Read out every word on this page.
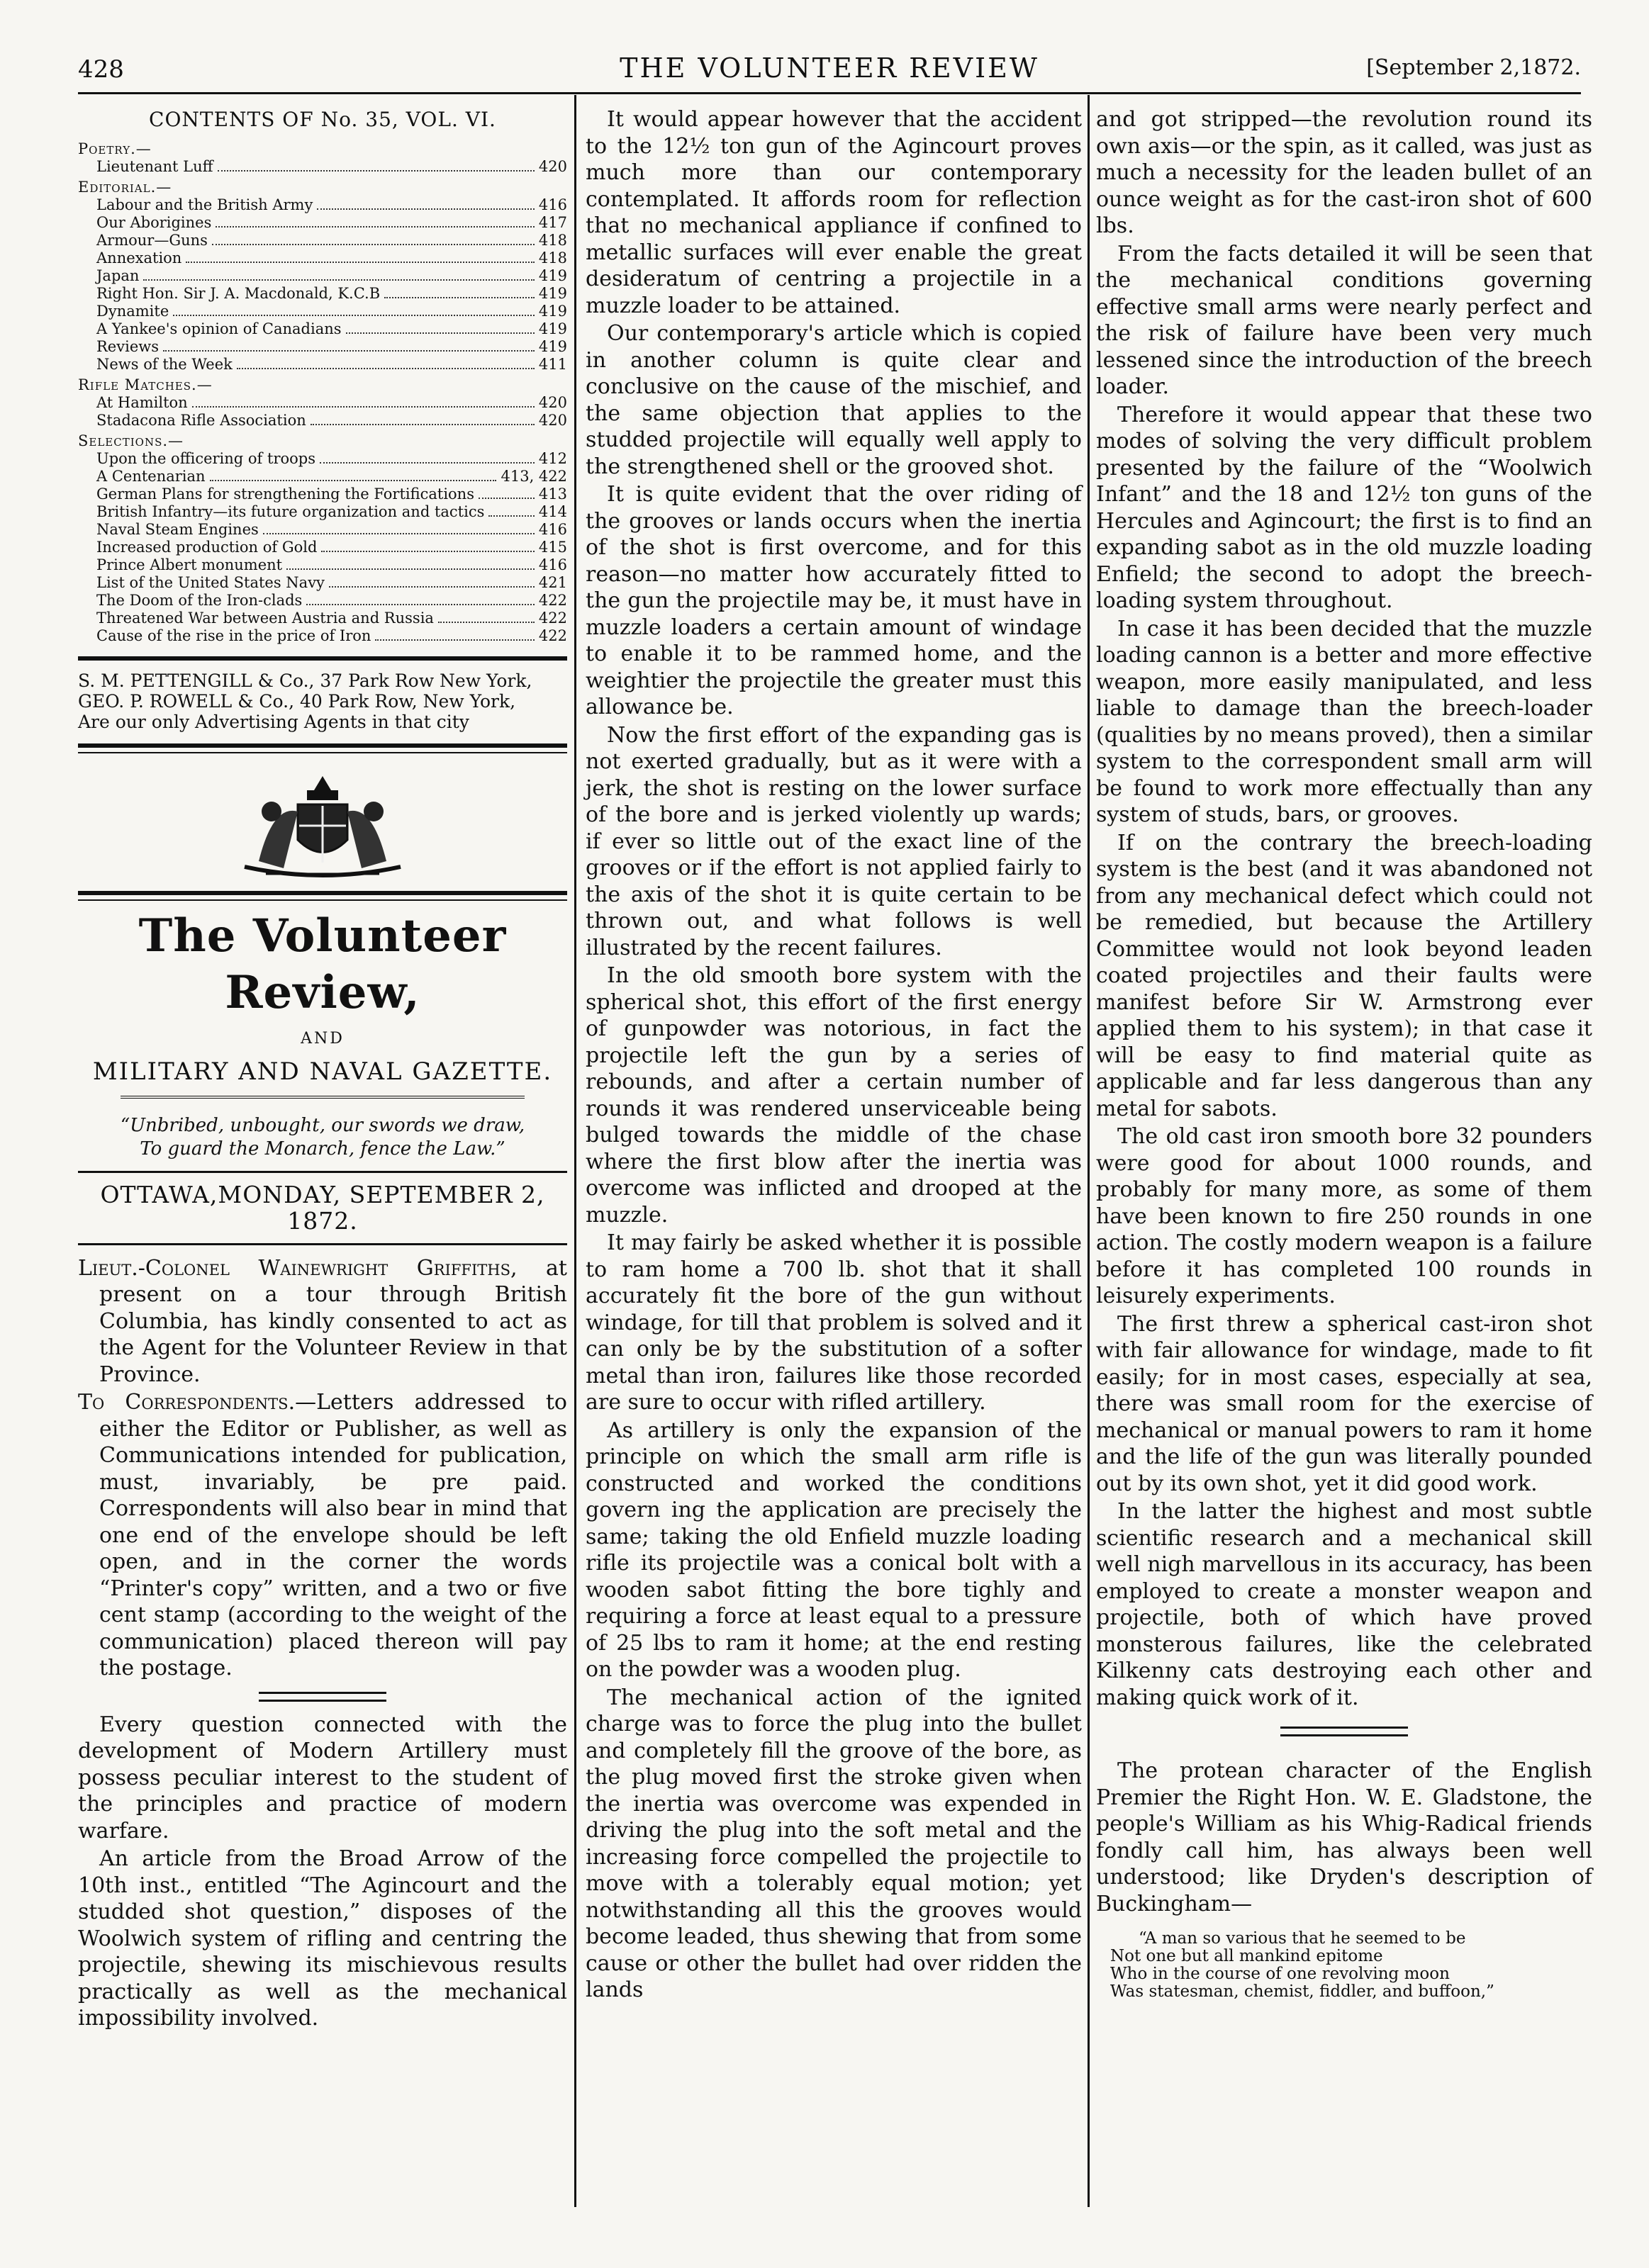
428	THE VOLUNTEER REVIEW	[September 2,1872.
CONTENTS OF No. 35, VOL. VI.
Poetry.—
Lieutenant Luff	420
Editorial.—
Labour and the British Army	416
Our Aborigines	417
Armour—Guns	418
Annexation	418
Japan	419
Right Hon. Sir J. A. Macdonald, K.C.B	419
Dynamite	419
A Yankee's opinion of Canadians	419
Reviews	419
News of the Week	411
Rifle Matches.—
At Hamilton	420
Stadacona Rifle Association	420
Selections.—
Upon the officering of troops	412
A Centenarian	413, 422
German Plans for strengthening the Fortifications	413
British Infantry—its future organization and tactics	414
Naval Steam Engines	416
Increased production of Gold	415
Prince Albert monument	416
List of the United States Navy	421
The Doom of the Iron-clads	422
Threatened War between Austria and Russia	422
Cause of the rise in the price of Iron	422
S. M. PETTENGILL & Co., 37 Park Row New York,
GEO. P. ROWELL & Co., 40 Park Row, New York,
Are our only Advertising Agents in that city
The Volunteer Review,
AND
MILITARY AND NAVAL GAZETTE.
“Unbribed, unbought, our swords we draw,
To guard the Monarch, fence the Law.”
OTTAWA,MONDAY, SEPTEMBER 2, 1872.

Lieut.-Colonel Wainewright Griffiths, at present on a tour through British Columbia, has kindly consented to act as the Agent for the Volunteer Review in that Province.

To Correspondents.—Letters addressed to either the Editor or Publisher, as well as Communications intended for publication, must, invariably, be pre paid. Correspondents will also bear in mind that one end of the envelope should be left open, and in the corner the words “Printer's copy” written, and a two or five cent stamp (according to the weight of the communication) placed thereon will pay the postage.

Every question connected with the development of Modern Artillery must possess peculiar interest to the student of the principles and practice of modern warfare.

An article from the Broad Arrow of the 10th inst., entitled “The Agincourt and the studded shot question,” disposes of the Woolwich system of rifling and centring the projectile, shewing its mischievous results practically as well as the mechanical impossibility involved.

It would appear however that the accident to the 12½ ton gun of the Agincourt proves much more than our contemporary contemplated. It affords room for reflection that no mechanical appliance if confined to metallic surfaces will ever enable the great desideratum of centring a projectile in a muzzle loader to be attained.

Our contemporary's article which is copied in another column is quite clear and conclusive on the cause of the mischief, and the same objection that applies to the studded projectile will equally well apply to the strengthened shell or the grooved shot.

It is quite evident that the over riding of the grooves or lands occurs when the inertia of the shot is first overcome, and for this reason—no matter how accurately fitted to the gun the projectile may be, it must have in muzzle loaders a certain amount of windage to enable it to be rammed home, and the weightier the projectile the greater must this allowance be.

Now the first effort of the expanding gas is not exerted gradually, but as it were with a jerk, the shot is resting on the lower surface of the bore and is jerked violently up wards; if ever so little out of the exact line of the grooves or if the effort is not applied fairly to the axis of the shot it is quite certain to be thrown out, and what follows is well illustrated by the recent failures.

In the old smooth bore system with the spherical shot, this effort of the first energy of gunpowder was notorious, in fact the projectile left the gun by a series of rebounds, and after a certain number of rounds it was rendered unserviceable being bulged towards the middle of the chase where the first blow after the inertia was overcome was inflicted and drooped at the muzzle.

It may fairly be asked whether it is possible to ram home a 700 lb. shot that it shall accurately fit the bore of the gun without windage, for till that problem is solved and it can only be by the substitution of a softer metal than iron, failures like those recorded are sure to occur with rifled artillery.

As artillery is only the expansion of the principle on which the small arm rifle is constructed and worked the conditions govern ing the application are precisely the same; taking the old Enfield muzzle loading rifle its projectile was a conical bolt with a wooden sabot fitting the bore tighly and requiring a force at least equal to a pressure of 25 lbs to ram it home; at the end resting on the powder was a wooden plug.

The mechanical action of the ignited charge was to force the plug into the bullet and completely fill the groove of the bore, as the plug moved first the stroke given when the inertia was overcome was expended in driving the plug into the soft metal and the increasing force compelled the projectile to move with a tolerably equal motion; yet notwithstanding all this the grooves would become leaded, thus shewing that from some cause or other the bullet had over ridden the lands

and got stripped—the revolution round its own axis—or the spin, as it called, was just as much a necessity for the leaden bullet of an ounce weight as for the cast-iron shot of 600 lbs.

From the facts detailed it will be seen that the mechanical conditions governing effective small arms were nearly perfect and the risk of failure have been very much lessened since the introduction of the breech loader.

Therefore it would appear that these two modes of solving the very difficult problem presented by the failure of the “Woolwich Infant” and the 18 and 12½ ton guns of the Hercules and Agincourt; the first is to find an expanding sabot as in the old muzzle loading Enfield; the second to adopt the breech-loading system throughout.

In case it has been decided that the muzzle loading cannon is a better and more effective weapon, more easily manipulated, and less liable to damage than the breech-loader (qualities by no means proved), then a similar system to the correspondent small arm will be found to work more effectually than any system of studs, bars, or grooves.

If on the contrary the breech-loading system is the best (and it was abandoned not from any mechanical defect which could not be remedied, but because the Artillery Committee would not look beyond leaden coated projectiles and their faults were manifest before Sir W. Armstrong ever applied them to his system); in that case it will be easy to find material quite as applicable and far less dangerous than any metal for sabots.

The old cast iron smooth bore 32 pounders were good for about 1000 rounds, and probably for many more, as some of them have been known to fire 250 rounds in one action. The costly modern weapon is a failure before it has completed 100 rounds in leisurely experiments.

The first threw a spherical cast-iron shot with fair allowance for windage, made to fit easily; for in most cases, especially at sea, there was small room for the exercise of mechanical or manual powers to ram it home and the life of the gun was literally pounded out by its own shot, yet it did good work.

In the latter the highest and most subtle scientific research and a mechanical skill well nigh marvellous in its accuracy, has been employed to create a monster weapon and projectile, both of which have proved monsterous failures, like the celebrated Kilkenny cats destroying each other and making quick work of it.

The protean character of the English Premier the Right Hon. W. E. Gladstone, the people's William as his Whig-Radical friends fondly call him, has always been well understood; like Dryden's description of Buckingham—

“A man so various that he seemed to be
Not one but all mankind epitome
Who in the course of one revolving moon
Was statesman, chemist, fiddler, and buffoon,”
